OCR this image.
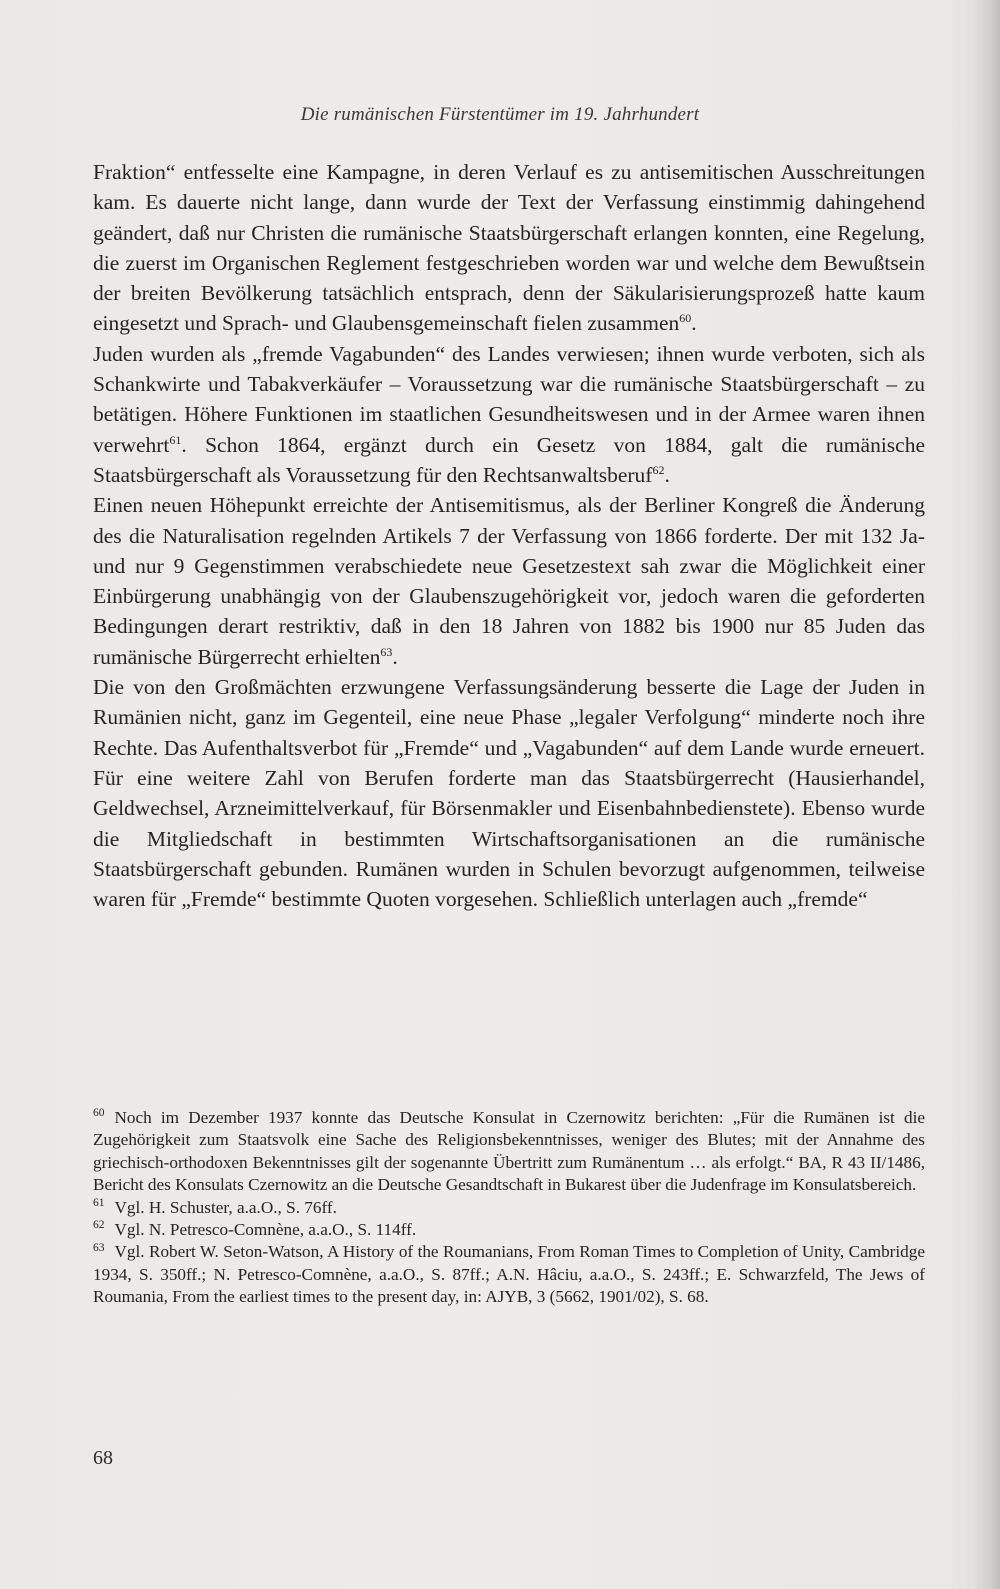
Die rumänischen Fürstentümer im 19. Jahrhundert

Fraktion“ entfesselte eine Kampagne, in deren Verlauf es zu antisemitischen Ausschreitungen kam. Es dauerte nicht lange, dann wurde der Text der Verfassung einstimmig dahingehend geändert, daß nur Christen die rumänische Staatsbürgerschaft erlangen konnten, eine Regelung, die zuerst im Organischen Reglement festgeschrieben worden war und welche dem Bewußtsein der breiten Bevölkerung tatsächlich entsprach, denn der Säkularisierungsprozeß hatte kaum eingesetzt und Sprach- und Glaubensgemeinschaft fielen zusammen$^{60}$.

Juden wurden als „fremde Vagabunden“ des Landes verwiesen; ihnen wurde verboten, sich als Schankwirte und Tabakverkäufer – Voraussetzung war die rumänische Staatsbürgerschaft – zu betätigen. Höhere Funktionen im staatlichen Gesundheitswesen und in der Armee waren ihnen verwehrt$^{61}$. Schon 1864, ergänzt durch ein Gesetz von 1884, galt die rumänische Staatsbürgerschaft als Voraussetzung für den Rechtsanwaltsberuf$^{62}$.

Einen neuen Höhepunkt erreichte der Antisemitismus, als der Berliner Kongreß die Änderung des die Naturalisation regelnden Artikels 7 der Verfassung von 1866 forderte. Der mit 132 Ja- und nur 9 Gegenstimmen verabschiedete neue Gesetzestext sah zwar die Möglichkeit einer Einbürgerung unabhängig von der Glaubenszugehörigkeit vor, jedoch waren die geforderten Bedingungen derart restriktiv, daß in den 18 Jahren von 1882 bis 1900 nur 85 Juden das rumänische Bürgerrecht erhielten$^{63}$.

Die von den Großmächten erzwungene Verfassungsänderung besserte die Lage der Juden in Rumänien nicht, ganz im Gegenteil, eine neue Phase „legaler Verfolgung“ minderte noch ihre Rechte. Das Aufenthaltsverbot für „Fremde“ und „Vagabunden“ auf dem Lande wurde erneuert. Für eine weitere Zahl von Berufen forderte man das Staatsbürgerrecht (Hausierhandel, Geldwechsel, Arzneimittelverkauf, für Börsenmakler und Eisenbahnbedienstete). Ebenso wurde die Mitgliedschaft in bestimmten Wirtschaftsorganisationen an die rumänische Staatsbürgerschaft gebunden. Rumänen wurden in Schulen bevorzugt aufgenommen, teilweise waren für „Fremde“ bestimmte Quoten vorgesehen. Schließlich unterlagen auch „fremde“

$^{60}$ Noch im Dezember 1937 konnte das Deutsche Konsulat in Czernowitz berichten: „Für die Rumänen ist die Zugehörigkeit zum Staatsvolk eine Sache des Religionsbekenntnisses, weniger des Blutes; mit der Annahme des griechisch-orthodoxen Bekenntnisses gilt der sogenannte Übertritt zum Rumänentum … als erfolgt.“ BA, R 43 II/1486, Bericht des Konsulats Czernowitz an die Deutsche Gesandtschaft in Bukarest über die Judenfrage im Konsulatsbereich.

$^{61}$ Vgl. H. Schuster, a.a.O., S. 76ff.

$^{62}$ Vgl. N. Petresco-Comnène, a.a.O., S. 114ff.

$^{63}$ Vgl. Robert W. Seton-Watson, A History of the Roumanians, From Roman Times to Completion of Unity, Cambridge 1934, S. 350ff.; N. Petresco-Comnène, a.a.O., S. 87ff.; A.N. Hâciu, a.a.O., S. 243ff.; E. Schwarzfeld, The Jews of Roumania, From the earliest times to the present day, in: AJYB, 3 (5662, 1901/02), S. 68.

68
